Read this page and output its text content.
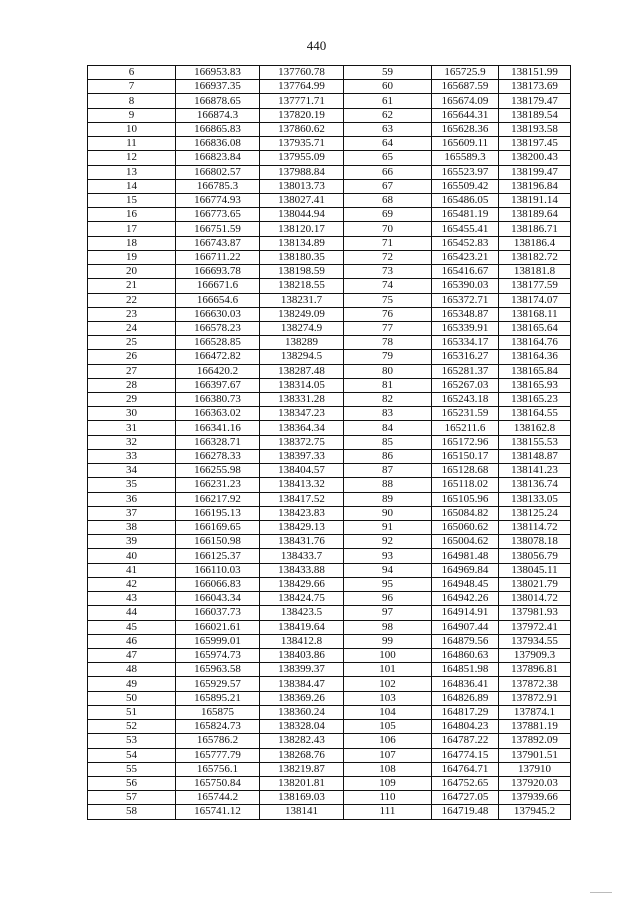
440
6	166953.83	137760.78	59	165725.9	138151.99
7	166937.35	137764.99	60	165687.59	138173.69
8	166878.65	137771.71	61	165674.09	138179.47
9	166874.3	137820.19	62	165644.31	138189.54
10	166865.83	137860.62	63	165628.36	138193.58
11	166836.08	137935.71	64	165609.11	138197.45
12	166823.84	137955.09	65	165589.3	138200.43
13	166802.57	137988.84	66	165523.97	138199.47
14	166785.3	138013.73	67	165509.42	138196.84
15	166774.93	138027.41	68	165486.05	138191.14
16	166773.65	138044.94	69	165481.19	138189.64
17	166751.59	138120.17	70	165455.41	138186.71
18	166743.87	138134.89	71	165452.83	138186.4
19	166711.22	138180.35	72	165423.21	138182.72
20	166693.78	138198.59	73	165416.67	138181.8
21	166671.6	138218.55	74	165390.03	138177.59
22	166654.6	138231.7	75	165372.71	138174.07
23	166630.03	138249.09	76	165348.87	138168.11
24	166578.23	138274.9	77	165339.91	138165.64
25	166528.85	138289	78	165334.17	138164.76
26	166472.82	138294.5	79	165316.27	138164.36
27	166420.2	138287.48	80	165281.37	138165.84
28	166397.67	138314.05	81	165267.03	138165.93
29	166380.73	138331.28	82	165243.18	138165.23
30	166363.02	138347.23	83	165231.59	138164.55
31	166341.16	138364.34	84	165211.6	138162.8
32	166328.71	138372.75	85	165172.96	138155.53
33	166278.33	138397.33	86	165150.17	138148.87
34	166255.98	138404.57	87	165128.68	138141.23
35	166231.23	138413.32	88	165118.02	138136.74
36	166217.92	138417.52	89	165105.96	138133.05
37	166195.13	138423.83	90	165084.82	138125.24
38	166169.65	138429.13	91	165060.62	138114.72
39	166150.98	138431.76	92	165004.62	138078.18
40	166125.37	138433.7	93	164981.48	138056.79
41	166110.03	138433.88	94	164969.84	138045.11
42	166066.83	138429.66	95	164948.45	138021.79
43	166043.34	138424.75	96	164942.26	138014.72
44	166037.73	138423.5	97	164914.91	137981.93
45	166021.61	138419.64	98	164907.44	137972.41
46	165999.01	138412.8	99	164879.56	137934.55
47	165974.73	138403.86	100	164860.63	137909.3
48	165963.58	138399.37	101	164851.98	137896.81
49	165929.57	138384.47	102	164836.41	137872.38
50	165895.21	138369.26	103	164826.89	137872.91
51	165875	138360.24	104	164817.29	137874.1
52	165824.73	138328.04	105	164804.23	137881.19
53	165786.2	138282.43	106	164787.22	137892.09
54	165777.79	138268.76	107	164774.15	137901.51
55	165756.1	138219.87	108	164764.71	137910
56	165750.84	138201.81	109	164752.65	137920.03
57	165744.2	138169.03	110	164727.05	137939.66
58	165741.12	138141	111	164719.48	137945.2
